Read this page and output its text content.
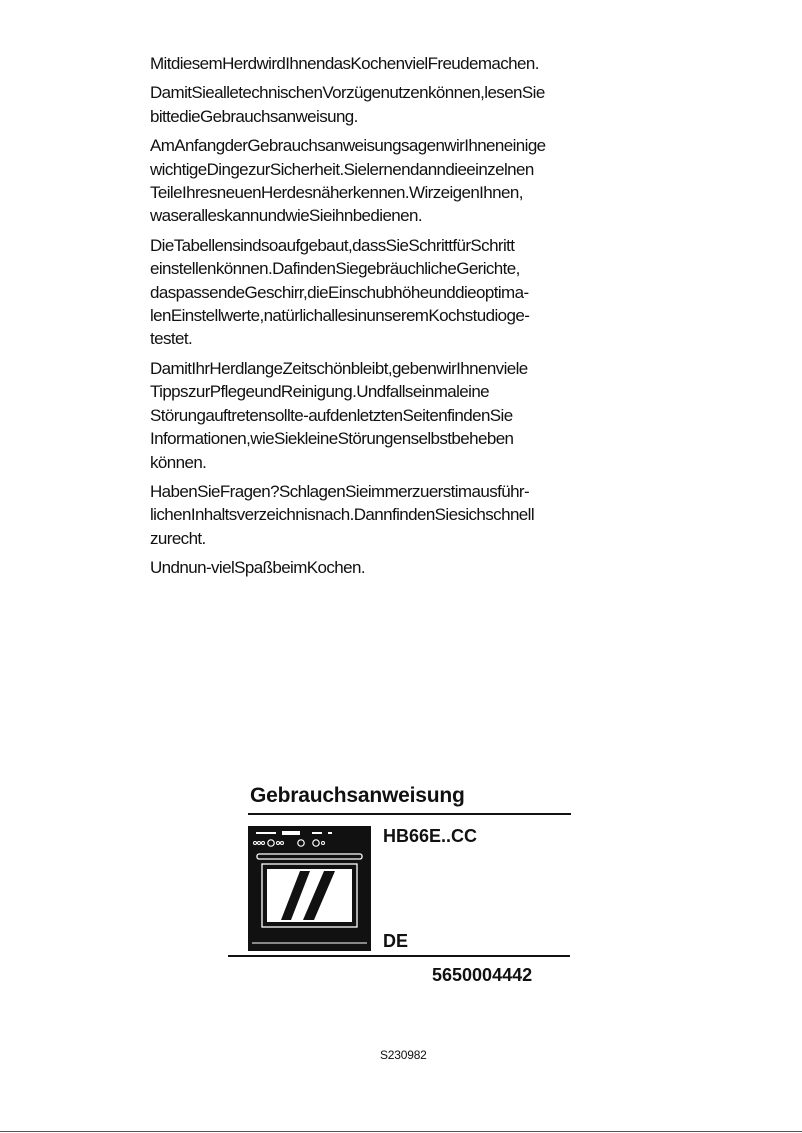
MitdiesemHerdwirdIhnendasKochenvielFreudemachen.

DamitSiealletechnischenVorzügenutzenkönnen,lesenSie
bittedieGebrauchsanweisung.

AmAnfangderGebrauchsanweisungsagenwirIhneneinige
wichtigeDingezurSicherheit.Sielernendanndieeinzelnen
TeileIhresneuenHerdesnäherkennen.WirzeigenIhnen,
waseralleskannundwieSieihnbedienen.

DieTabellensindsoaufgebaut,dassSieSchrittfürSchritt
einstellenkönnen.DafindenSiegebräuchlicheGerichte,
daspassendeGeschirr,dieEinschubhöheunddieoptima-
lenEinstellwerte,natürlichallesinunseremKochstudioge-
testet.

DamitIhrHerdlangeZeitschönbleibt,gebenwirIhnenviele
TippszurPflegeundReinigung.Undfallseinmaleine
Störungauftretensollte-aufdenletztenSeitenfindenSie
Informationen,wieSiekleineStörungenselbstbeheben
können.

HabenSieFragen?SchlagenSieimmerzuerstimausführ-
lichenInhaltsverzeichnisnach.DannfindenSiesichschnell
zurecht.

Undnun-vielSpaßbeimKochen.

Gebrauchsanweisung
HB66E..CC
DE
5650004442
S230982
